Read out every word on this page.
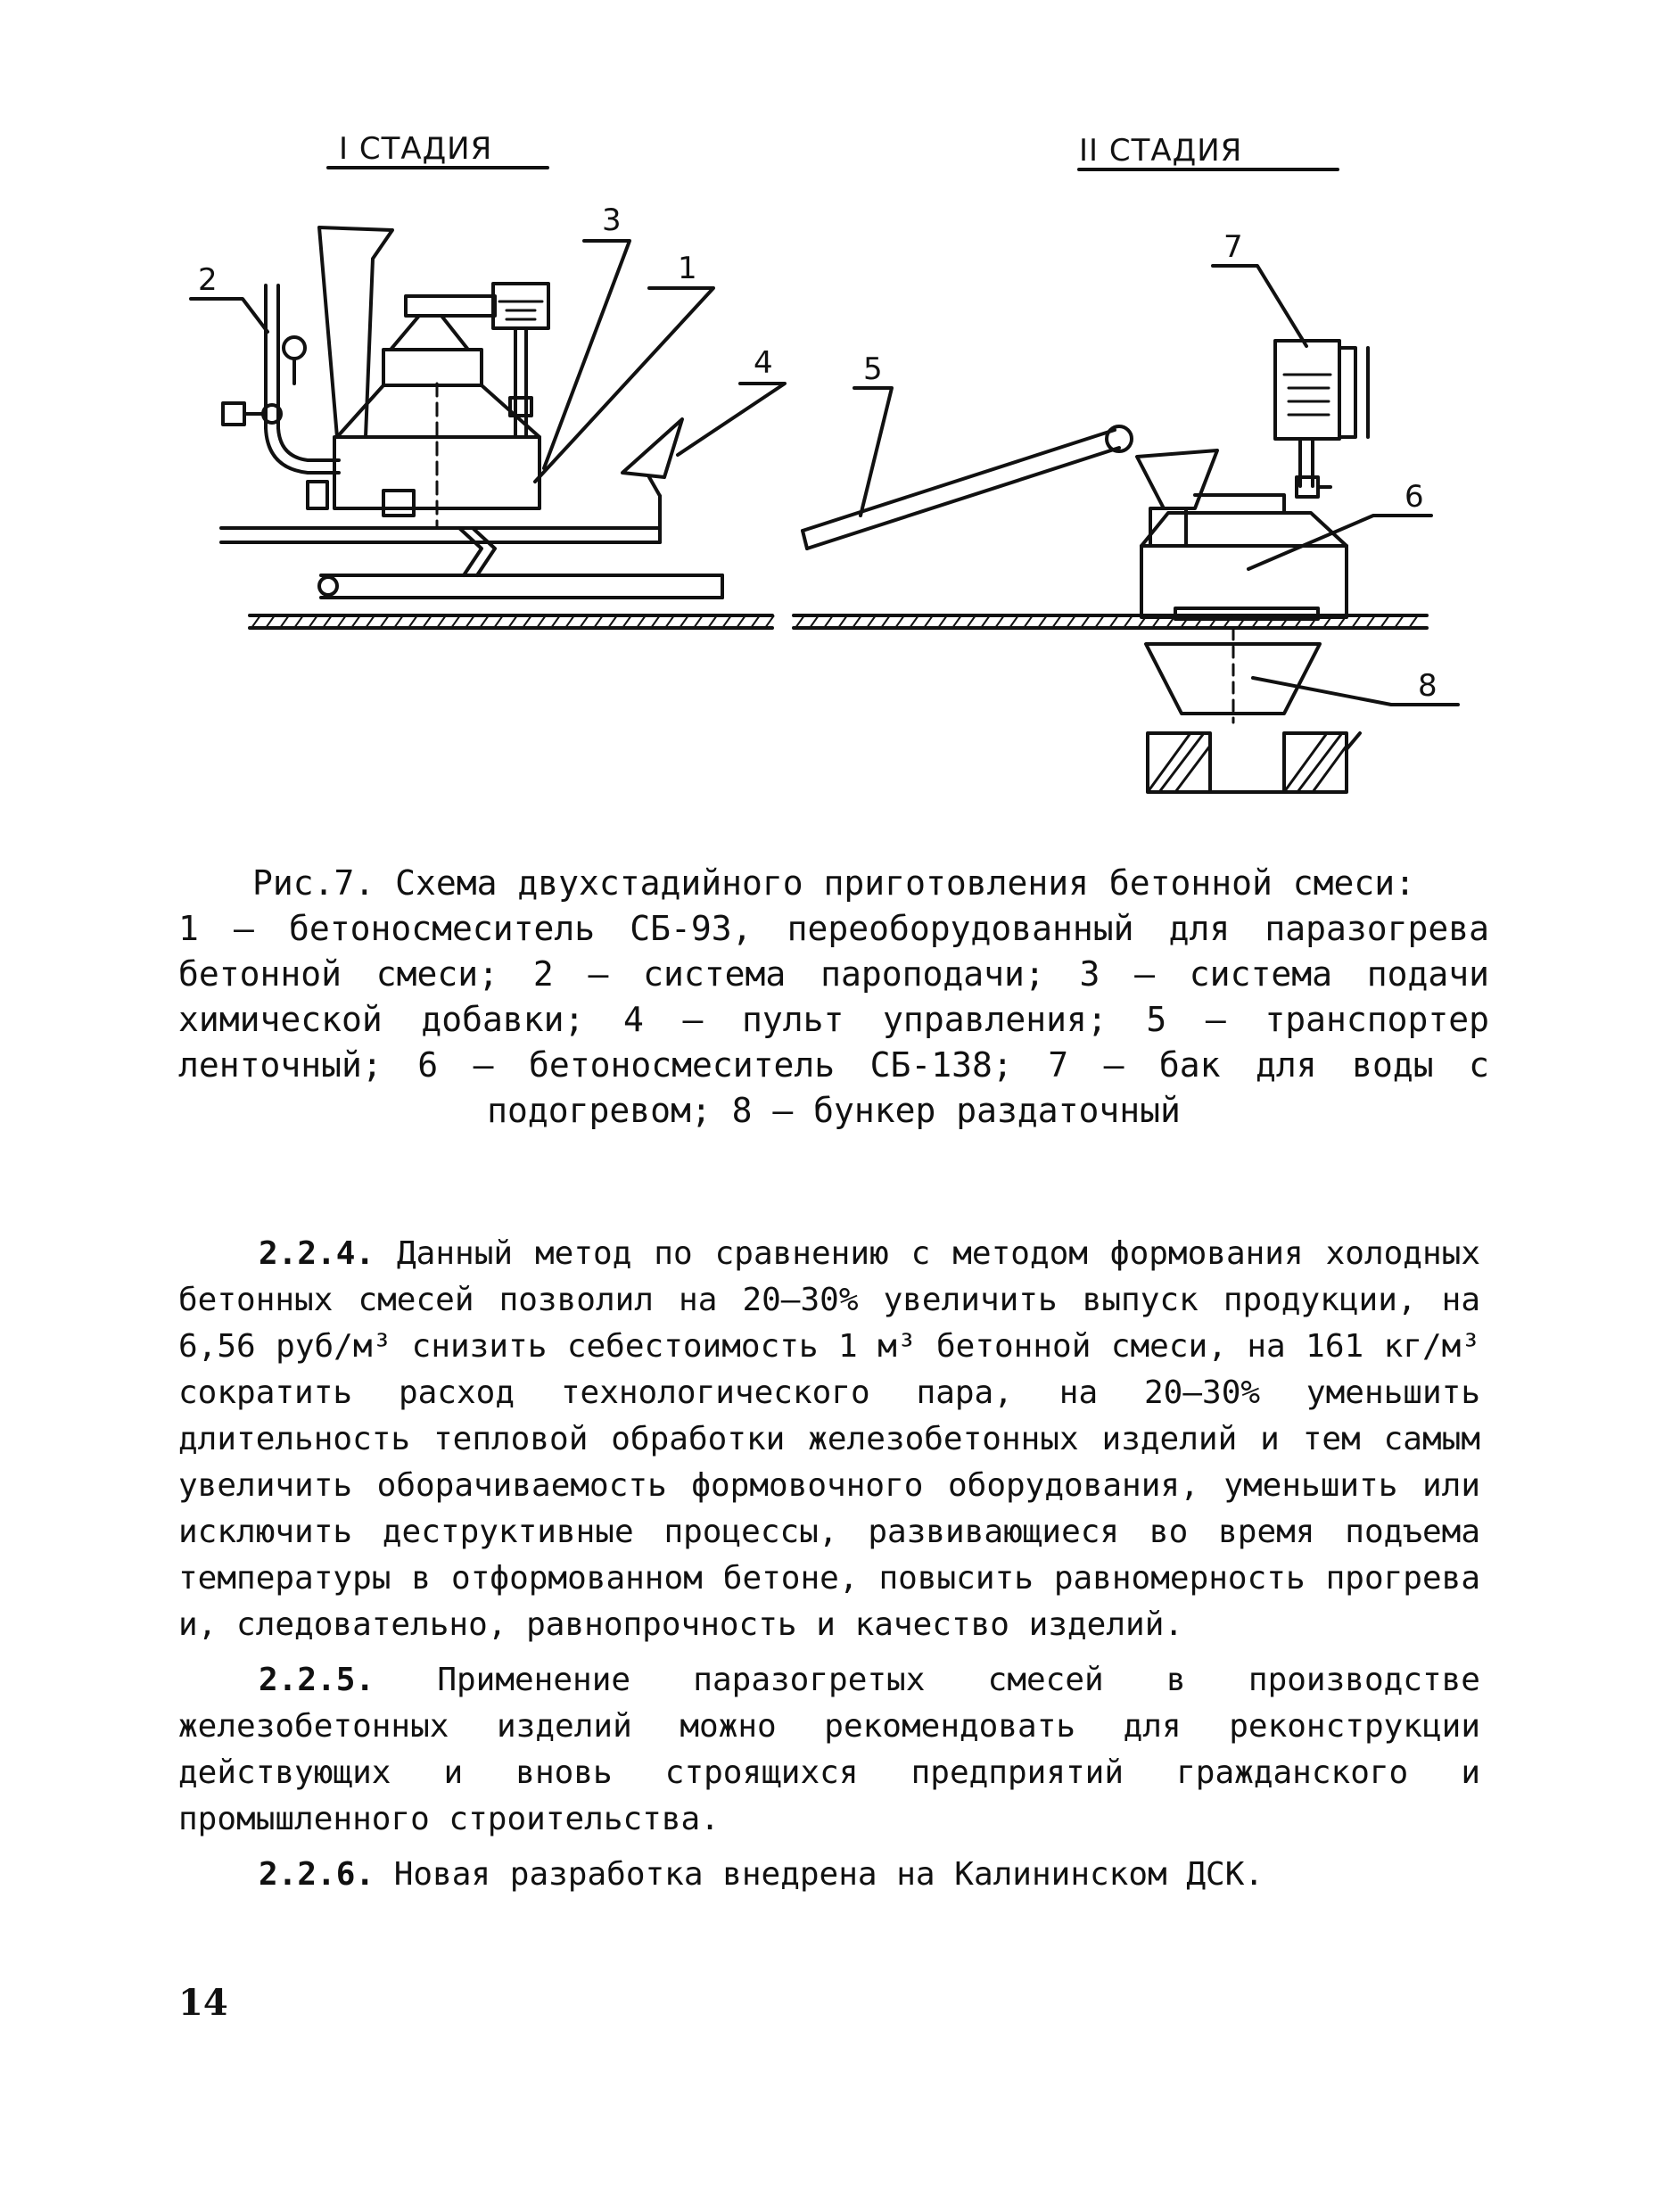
I СТАДИЯ	II СТАДИЯ
1
2
3
4	5
6
7
8
Рис.7. Схема двухстадийного приготовления бетонной смеси:
1 – бетоносмеситель СБ-93, переоборудованный для паразогрева бетонной смеси; 2 – система пароподачи; 3 – система подачи химической добавки; 4 – пульт управления; 5 – транспортер ленточный; 6 – бетоносмеситель СБ-138; 7 – бак для воды с подогревом; 8 – бункер раздаточный

2.2.4. Данный метод по сравнению с методом формования холодных бетонных смесей позволил на 20–30% увеличить выпуск продукции, на 6,56 руб/м³ снизить себестоимость 1 м³ бетонной смеси, на 161 кг/м³ сократить расход технологического пара, на 20–30% уменьшить длительность тепловой обработки железобетонных изделий и тем самым увеличить оборачиваемость формовочного оборудования, уменьшить или исключить деструктивные процессы, развивающиеся во время подъема температуры в отформованном бетоне, повысить равномерность прогрева и, следовательно, равнопрочность и качество изделий.

2.2.5. Применение паразогретых смесей в производстве железобетонных изделий можно рекомендовать для реконструкции действующих и вновь строящихся предприятий гражданского и промышленного строительства.

2.2.6. Новая разработка внедрена на Калининском ДСК.

14
